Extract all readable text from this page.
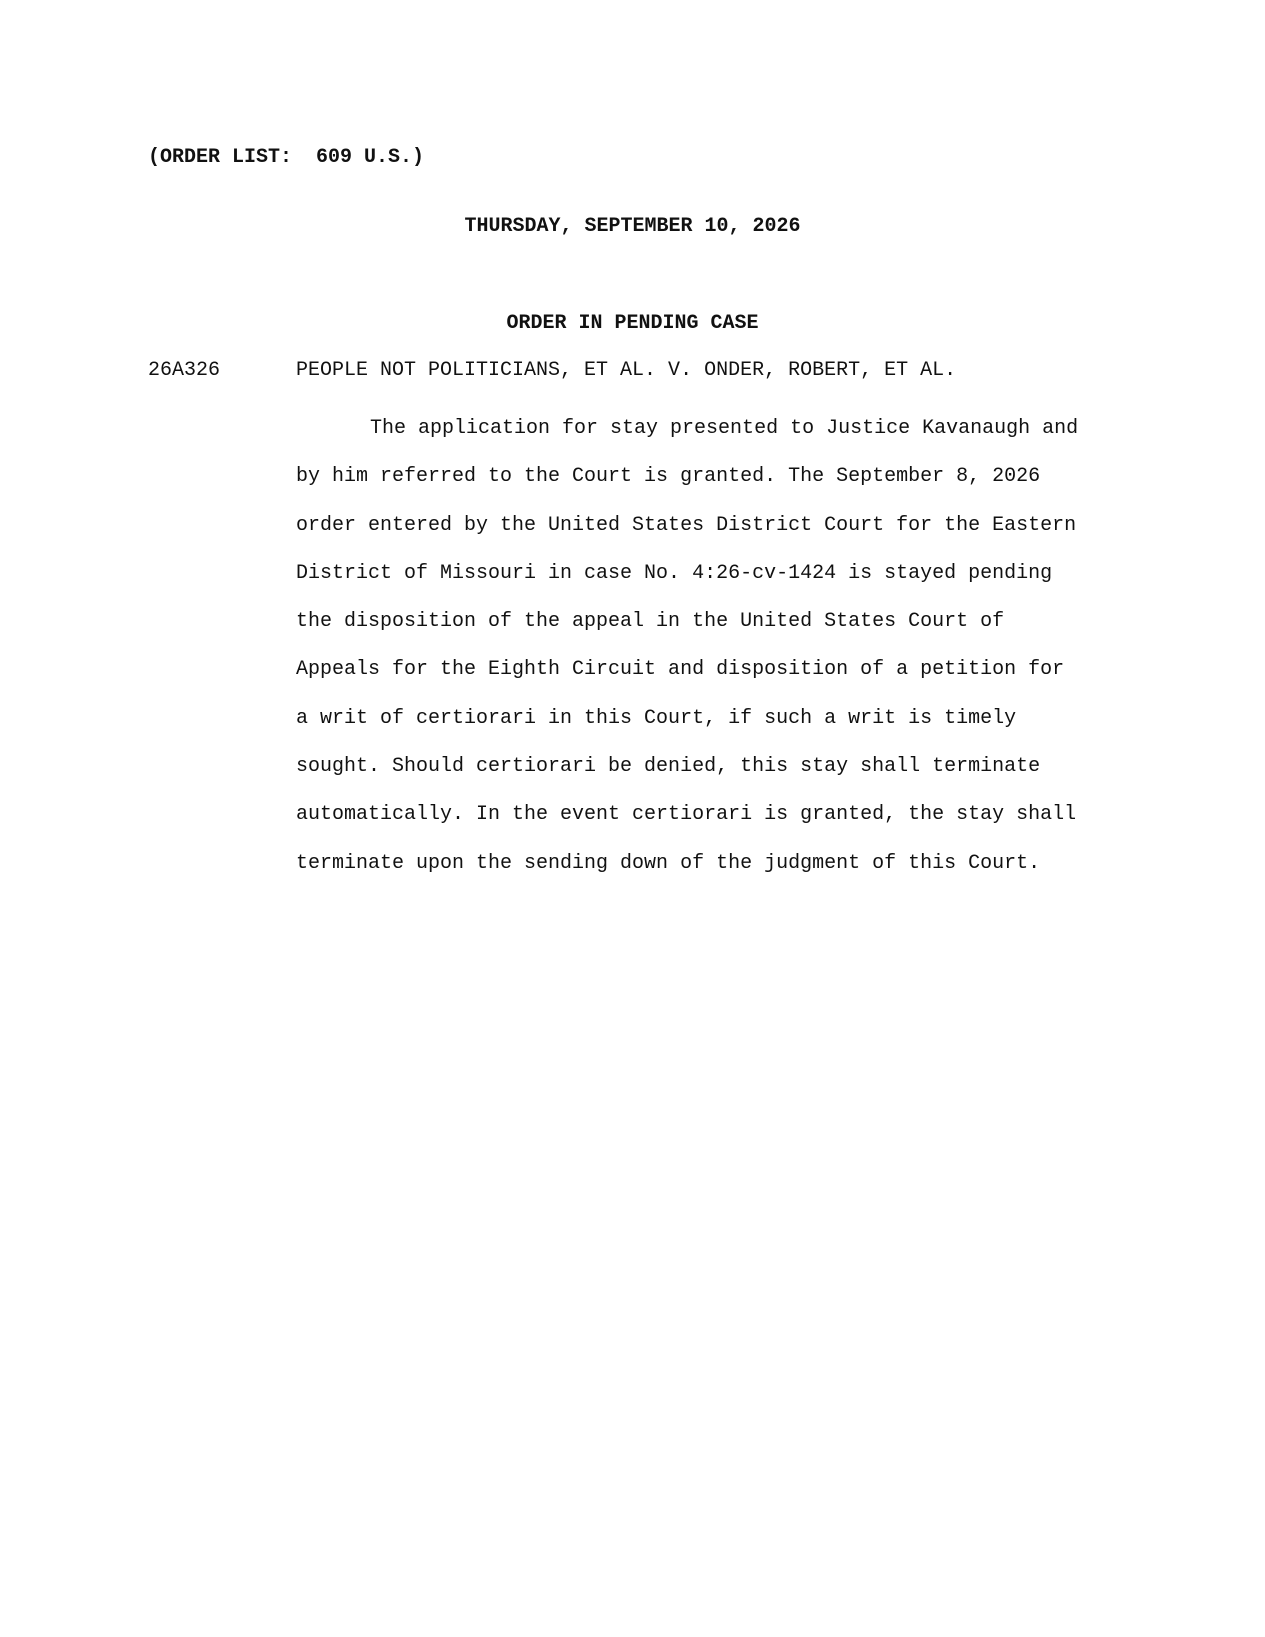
(ORDER LIST:  609 U.S.)

THURSDAY, SEPTEMBER 10, 2026

ORDER IN PENDING CASE

26A326	PEOPLE NOT POLITICIANS, ET AL. V. ONDER, ROBERT, ET AL.

The application for stay presented to Justice Kavanaugh and
by him referred to the Court is granted. The September 8, 2026
order entered by the United States District Court for the Eastern
District of Missouri in case No. 4:26-cv-1424 is stayed pending
the disposition of the appeal in the United States Court of
Appeals for the Eighth Circuit and disposition of a petition for
a writ of certiorari in this Court, if such a writ is timely
sought. Should certiorari be denied, this stay shall terminate
automatically. In the event certiorari is granted, the stay shall
terminate upon the sending down of the judgment of this Court.
